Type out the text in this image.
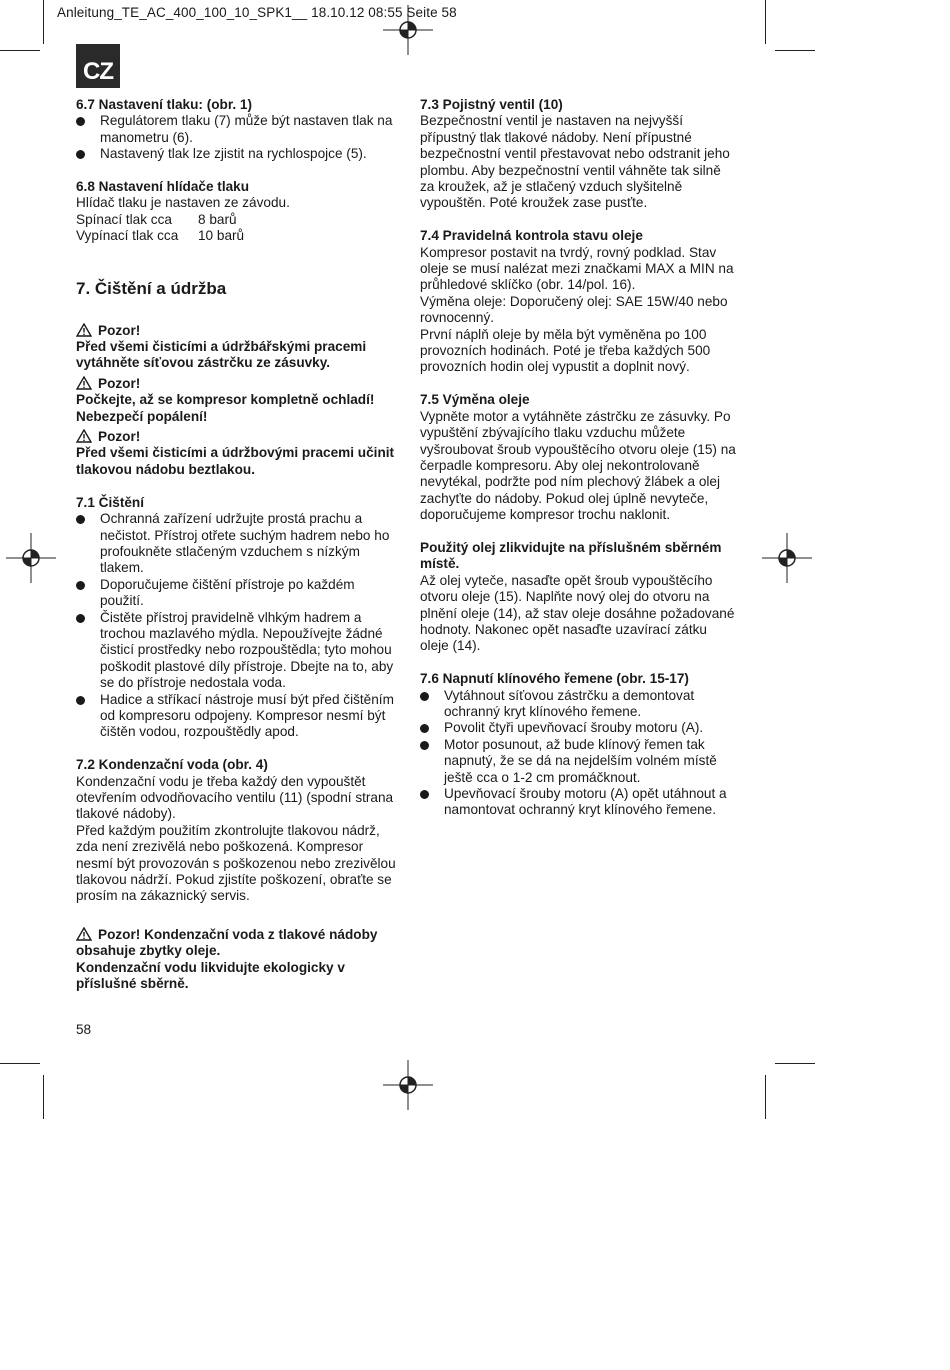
Anleitung_TE_AC_400_100_10_SPK1__ 18.10.12 08:55 Seite 58
CZ

6.7 Nastavení tlaku: (obr. 1)

Regulátorem tlaku (7) může být nastaven tlak na manometru (6).
Nastavený tlak lze zjistit na rychlospojce (5).

6.8 Nastavení hlídače tlaku

Hlídač tlaku je nastaven ze závodu.

Spínací tlak cca 8 barů
Vypínací tlak cca 10 barů

7. Čištění a údržba

Pozor!

Před všemi čisticími a údržbářskými pracemi vytáhněte síťovou zástrčku ze zásuvky.

Pozor!

Počkejte, až se kompresor kompletně ochladí! Nebezpečí popálení!

Pozor!

Před všemi čisticími a údržbovými pracemi učinit tlakovou nádobu beztlakou.

7.1 Čištění

Ochranná zařízení udržujte prostá prachu a nečistot. Přístroj otřete suchým hadrem nebo ho profoukněte stlačeným vzduchem s nízkým tlakem.
Doporučujeme čištění přístroje po každém použití.
Čistěte přístroj pravidelně vlhkým hadrem a trochou mazlavého mýdla. Nepoužívejte žádné čisticí prostředky nebo rozpouštědla; tyto mohou poškodit plastové díly přístroje. Dbejte na to, aby se do přístroje nedostala voda.
Hadice a stříkací nástroje musí být před čištěním od kompresoru odpojeny. Kompresor nesmí být čištěn vodou, rozpouštědly apod.

7.2 Kondenzační voda (obr. 4)

Kondenzační vodu je třeba každý den vypouštět otevřením odvodňovacího ventilu (11) (spodní strana tlakové nádoby).

Před každým použitím zkontrolujte tlakovou nádrž, zda není zrezivělá nebo poškozená. Kompresor nesmí být provozován s poškozenou nebo zrezivělou tlakovou nádrží. Pokud zjistíte poškození, obraťte se prosím na zákaznický servis.

Pozor! Kondenzační voda z tlakové nádoby obsahuje zbytky oleje.

Kondenzační vodu likvidujte ekologicky v příslušné sběrně.

7.3 Pojistný ventil (10)

Bezpečnostní ventil je nastaven na nejvyšší přípustný tlak tlakové nádoby. Není přípustné bezpečnostní ventil přestavovat nebo odstranit jeho plombu. Aby bezpečnostní ventil váhněte tak silně za kroužek, až je stlačený vzduch slyšitelně vypouštěn. Poté kroužek zase pusťte.

7.4 Pravidelná kontrola stavu oleje

Kompresor postavit na tvrdý, rovný podklad. Stav oleje se musí nalézat mezi značkami MAX a MIN na průhledové sklíčko (obr. 14/pol. 16).

Výměna oleje: Doporučený olej: SAE 15W/40 nebo rovnocenný.

První náplň oleje by měla být vyměněna po 100 provozních hodinách. Poté je třeba každých 500 provozních hodin olej vypustit a doplnit nový.

7.5 Výměna oleje

Vypněte motor a vytáhněte zástrčku ze zásuvky. Po vypuštění zbývajícího tlaku vzduchu můžete vyšroubovat šroub vypouštěcího otvoru oleje (15) na čerpadle kompresoru. Aby olej nekontrolovaně nevytékal, podržte pod ním plechový žlábek a olej zachyťte do nádoby. Pokud olej úplně nevyteče, doporučujeme kompresor trochu naklonit.

Použitý olej zlikvidujte na příslušném sběrném místě.

Až olej vyteče, nasaďte opět šroub vypouštěcího otvoru oleje (15). Naplňte nový olej do otvoru na plnění oleje (14), až stav oleje dosáhne požadované hodnoty. Nakonec opět nasaďte uzavírací zátku oleje (14).

7.6 Napnutí klínového řemene (obr. 15-17)

Vytáhnout síťovou zástrčku a demontovat ochranný kryt klínového řemene.
Povolit čtyři upevňovací šrouby motoru (A).
Motor posunout, až bude klínový řemen tak napnutý, že se dá na nejdelším volném místě ještě cca o 1-2 cm promáčknout.
Upevňovací šrouby motoru (A) opět utáhnout a namontovat ochranný kryt klínového řemene.
58
